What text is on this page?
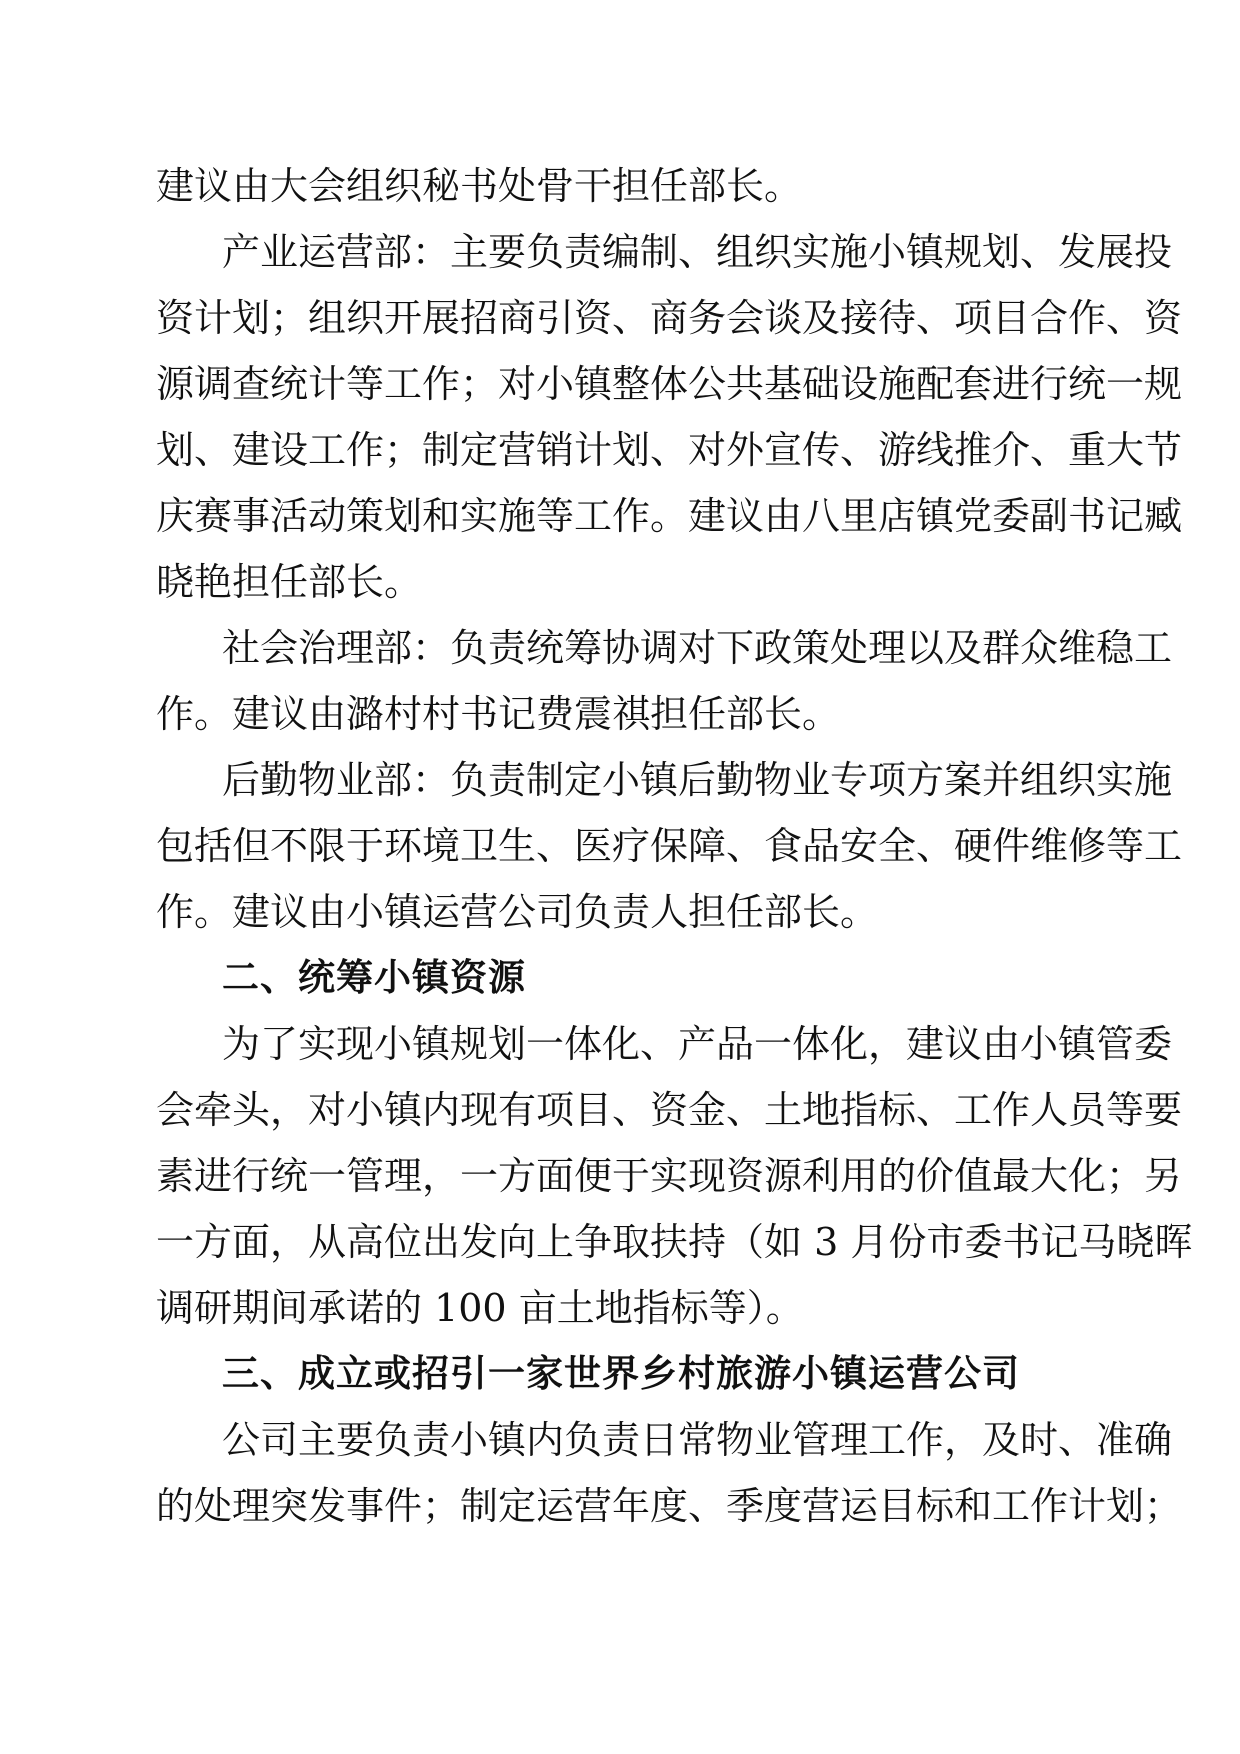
建议由大会组织秘书处骨干担任部长。
产业运营部：主要负责编制、组织实施小镇规划、发展投
资计划；组织开展招商引资、商务会谈及接待、项目合作、资
源调查统计等工作；对小镇整体公共基础设施配套进行统一规
划、建设工作；制定营销计划、对外宣传、游线推介、重大节
庆赛事活动策划和实施等工作。建议由八里店镇党委副书记臧
晓艳担任部长。
社会治理部：负责统筹协调对下政策处理以及群众维稳工
作。建议由潞村村书记费震祺担任部长。
后勤物业部：负责制定小镇后勤物业专项方案并组织实施
包括但不限于环境卫生、医疗保障、食品安全、硬件维修等工
作。建议由小镇运营公司负责人担任部长。
二、统筹小镇资源
为了实现小镇规划一体化、产品一体化，建议由小镇管委
会牵头，对小镇内现有项目、资金、土地指标、工作人员等要
素进行统一管理，一方面便于实现资源利用的价值最大化；另
一方面，从高位出发向上争取扶持（如 3 月份市委书记马晓晖
调研期间承诺的 100 亩土地指标等）。
三、成立或招引一家世界乡村旅游小镇运营公司
公司主要负责小镇内负责日常物业管理工作，及时、准确
的处理突发事件；制定运营年度、季度营运目标和工作计划；
